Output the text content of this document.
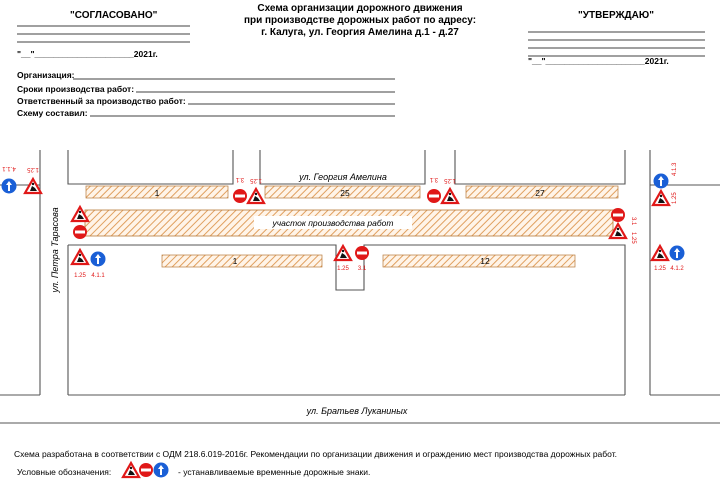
"СОГЛАСОВАНО"	"УТВЕРЖДАЮ"
Схема организации дорожного движения
при производстве дорожных работ по адресу:
г. Калуга, ул. Георгия Амелина д.1 - д.27
"__"_____________________2021г.
"__"_____________________2021г.
Организация:
Сроки производства работ:
Ответственный за производство работ:
Схему составил:
Схема разработана в соответствии с ОДМ 218.6.019-2016г. Рекомендации по организации движения и ограждению мест производства дорожных работ.
Условные обозначения:	- устанавливаемые временные дорожные знаки.
1	25	27
1	12
участок производства работ
ул. Георгия Амелина
ул. Петра Тарасова
ул. Братьев Луканиных
4.1.1 1.25
1.25 4.1.1
3.1 1.25	3.1 1.25
1.25 3.1
3.1
1.25
4.1.3
1.25
1.25 4.1.2
